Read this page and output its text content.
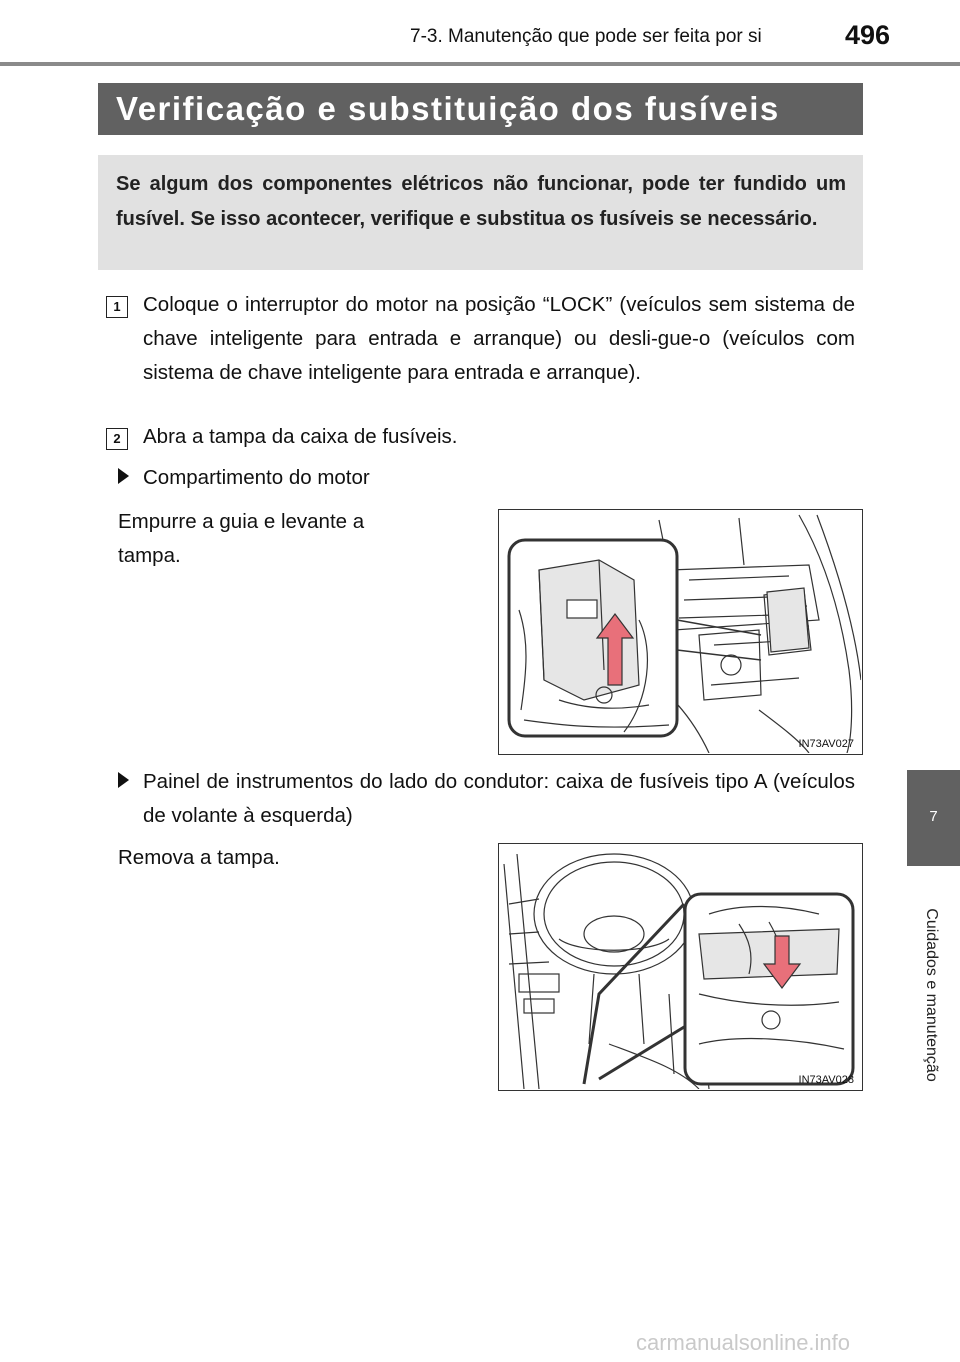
7-3. Manutenção que pode ser feita por si	496
Verificação e substituição dos fusíveis
Se algum dos componentes elétricos não funcionar, pode ter fundido um fusível. Se isso acontecer, verifique e substitua os fusíveis se necessário.
1	Coloque o interruptor do motor na posição “LOCK” (veículos sem sistema de chave inteligente para entrada e arranque) ou desli-gue-o (veículos com sistema de chave inteligente para entrada e arranque).
2	Abra a tampa da caixa de fusíveis.
Compartimento do motor
Empurre a guia e levante a tampa.
IN73AV027
Painel de instrumentos do lado do condutor: caixa de fusíveis tipo A (veículos de volante à esquerda)
Remova a tampa.
IN73AV028
7
Cuidados e manutenção
carmanualsonline.info
